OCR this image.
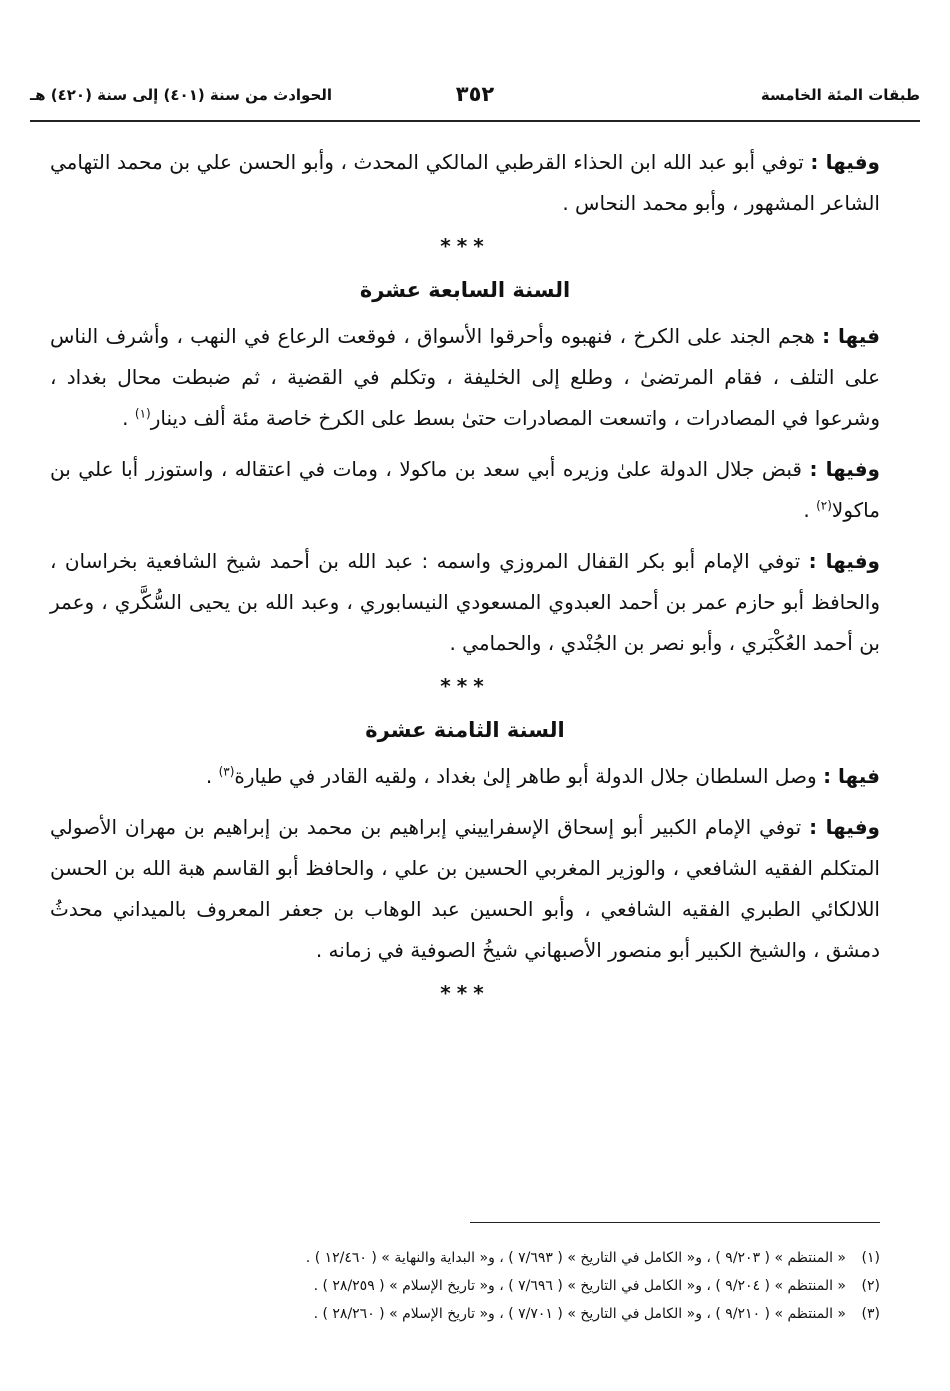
طبقات المئة الخامسة
٣٥٢
الحوادث من سنة (٤٠١) إلى سنة (٤٢٠) هـ

وفيها : توفي أبو عبد الله ابن الحذاء القرطبي المالكي المحدث ، وأبو الحسن علي بن محمد التهامي الشاعر المشهور ، وأبو محمد النحاس .

***
السنة السابعة عشرة

فيها : هجم الجند على الكرخ ، فنهبوه وأحرقوا الأسواق ، فوقعت الرعاع في النهب ، وأشرف الناس على التلف ، فقام المرتضىٰ ، وطلع إلى الخليفة ، وتكلم في القضية ، ثم ضبطت محال بغداد ، وشرعوا في المصادرات ، واتسعت المصادرات حتىٰ بسط على الكرخ خاصة مئة ألف دينار$^{(١)}$ .

وفيها : قبض جلال الدولة علىٰ وزيره أبي سعد بن ماكولا ، ومات في اعتقاله ، واستوزر أبا علي بن ماكولا$^{(٢)}$ .

وفيها : توفي الإمام أبو بكر القفال المروزي واسمه : عبد الله بن أحمد شيخ الشافعية بخراسان ، والحافظ أبو حازم عمر بن أحمد العبدوي المسعودي النيسابوري ، وعبد الله بن يحيى السُّكَّري ، وعمر بن أحمد العُكْبَري ، وأبو نصر بن الجُنْدي ، والحمامي .

***
السنة الثامنة عشرة

فيها : وصل السلطان جلال الدولة أبو طاهر إلىٰ بغداد ، ولقيه القادر في طيارة$^{(٣)}$ .

وفيها : توفي الإمام الكبير أبو إسحاق الإسفراييني إبراهيم بن محمد بن إبراهيم بن مهران الأصولي المتكلم الفقيه الشافعي ، والوزير المغربي الحسين بن علي ، والحافظ أبو القاسم هبة الله بن الحسن اللالكائي الطبري الفقيه الشافعي ، وأبو الحسين عبد الوهاب بن جعفر المعروف بالميداني محدثُ دمشق ، والشيخ الكبير أبو منصور الأصبهاني شيخُ الصوفية في زمانه .

***
(١)« المنتظم » ( ٩/٢٠٣ ) ، و« الكامل في التاريخ » ( ٧/٦٩٣ ) ، و« البداية والنهاية » ( ١٢/٤٦٠ ) .
(٢)« المنتظم » ( ٩/٢٠٤ ) ، و« الكامل في التاريخ » ( ٧/٦٩٦ ) ، و« تاريخ الإسلام » ( ٢٨/٢٥٩ ) .
(٣)« المنتظم » ( ٩/٢١٠ ) ، و« الكامل في التاريخ » ( ٧/٧٠١ ) ، و« تاريخ الإسلام » ( ٢٨/٢٦٠ ) .
